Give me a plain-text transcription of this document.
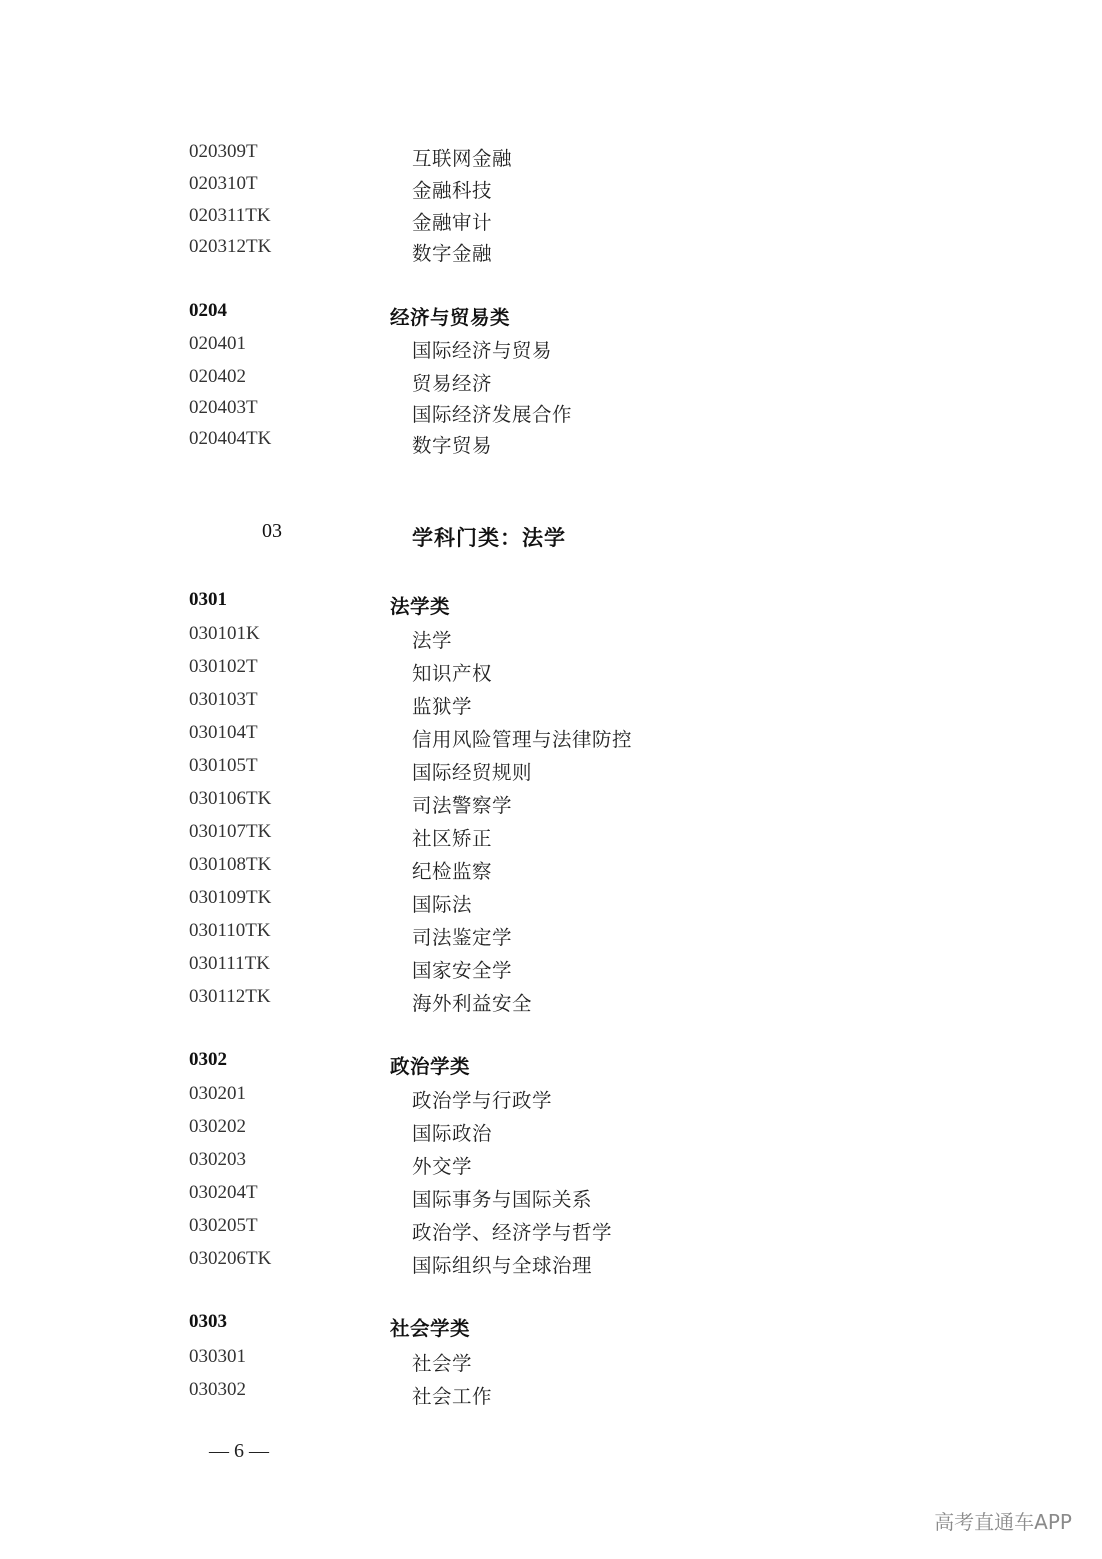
020309T	互联网金融
020310T	金融科技
020311TK	金融审计
020312TK	数字金融
0204	经济与贸易类
020401	国际经济与贸易
020402	贸易经济
020403T	国际经济发展合作
020404TK	数字贸易
03	学科门类：法学
0301	法学类
030101K	法学
030102T	知识产权
030103T	监狱学
030104T	信用风险管理与法律防控
030105T	国际经贸规则
030106TK	司法警察学
030107TK	社区矫正
030108TK	纪检监察
030109TK	国际法
030110TK	司法鉴定学
030111TK	国家安全学
030112TK	海外利益安全
0302	政治学类
030201	政治学与行政学
030202	国际政治
030203	外交学
030204T	国际事务与国际关系
030205T	政治学、经济学与哲学
030206TK	国际组织与全球治理
0303	社会学类
030301	社会学
030302	社会工作
— 6 —
高考直通车APP
